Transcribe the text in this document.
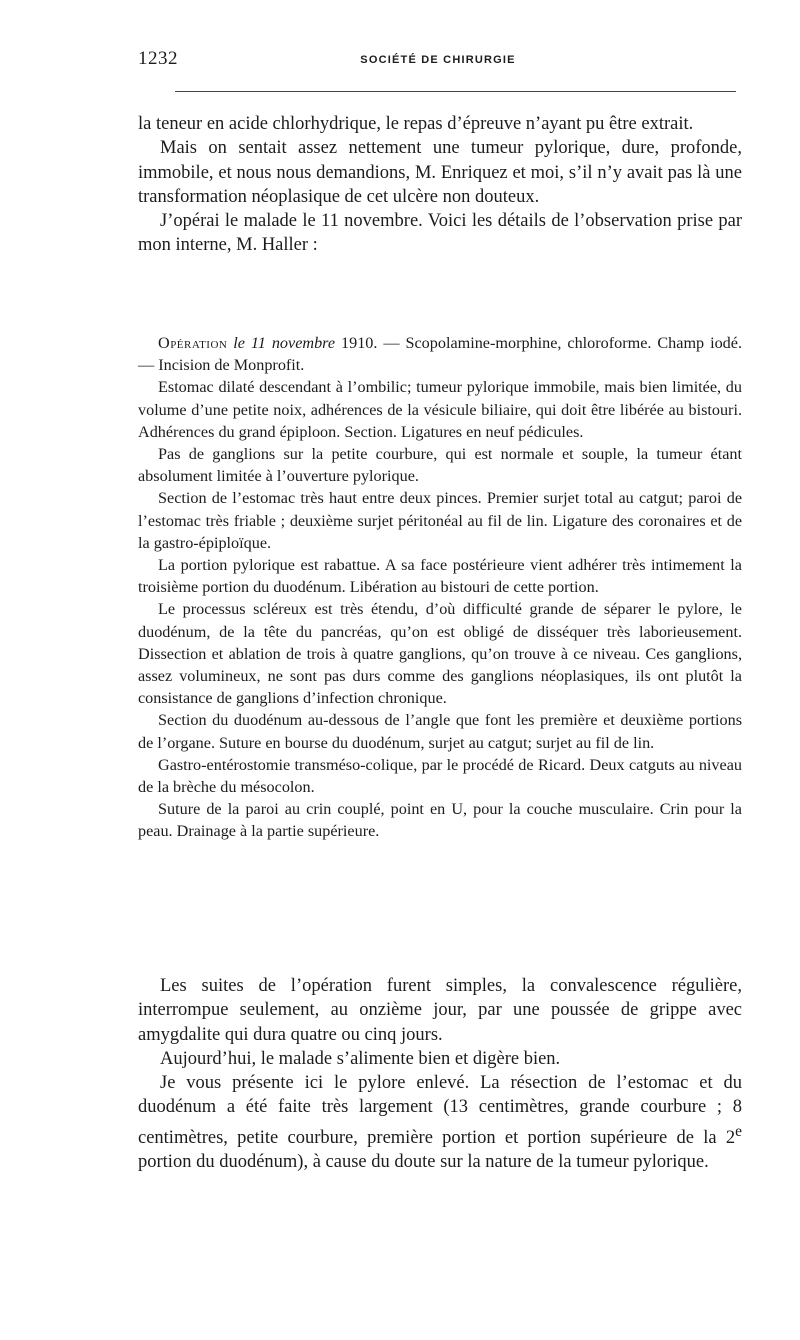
1232	SOCIÉTÉ DE CHIRURGIE

la teneur en acide chlorhydrique, le repas d’épreuve n’ayant pu être extrait.

Mais on sentait assez nettement une tumeur pylorique, dure, profonde, immobile, et nous nous demandions, M. Enriquez et moi, s’il n’y avait pas là une transformation néoplasique de cet ulcère non douteux.

J’opérai le malade le 11 novembre. Voici les détails de l’observation prise par mon interne, M. Haller :

Opération le 11 novembre 1910. — Scopolamine-morphine, chloroforme. Champ iodé. — Incision de Monprofit.

Estomac dilaté descendant à l’ombilic; tumeur pylorique immobile, mais bien limitée, du volume d’une petite noix, adhérences de la vésicule biliaire, qui doit être libérée au bistouri. Adhérences du grand épiploon. Section. Ligatures en neuf pédicules.

Pas de ganglions sur la petite courbure, qui est normale et souple, la tumeur étant absolument limitée à l’ouverture pylorique.

Section de l’estomac très haut entre deux pinces. Premier surjet total au catgut; paroi de l’estomac très friable ; deuxième surjet péritonéal au fil de lin. Ligature des coronaires et de la gastro-épiploïque.

La portion pylorique est rabattue. A sa face postérieure vient adhérer très intimement la troisième portion du duodénum. Libération au bistouri de cette portion.

Le processus scléreux est très étendu, d’où difficulté grande de séparer le pylore, le duodénum, de la tête du pancréas, qu’on est obligé de disséquer très laborieusement. Dissection et ablation de trois à quatre ganglions, qu’on trouve à ce niveau. Ces ganglions, assez volumineux, ne sont pas durs comme des ganglions néoplasiques, ils ont plutôt la consistance de ganglions d’infection chronique.

Section du duodénum au-dessous de l’angle que font les première et deuxième portions de l’organe. Suture en bourse du duodénum, surjet au catgut; surjet au fil de lin.

Gastro-entérostomie transméso-colique, par le procédé de Ricard. Deux catguts au niveau de la brèche du mésocolon.

Suture de la paroi au crin couplé, point en U, pour la couche musculaire. Crin pour la peau. Drainage à la partie supérieure.

Les suites de l’opération furent simples, la convalescence régulière, interrompue seulement, au onzième jour, par une poussée de grippe avec amygdalite qui dura quatre ou cinq jours.

Aujourd’hui, le malade s’alimente bien et digère bien.

Je vous présente ici le pylore enlevé. La résection de l’estomac et du duodénum a été faite très largement (13 centimètres, grande courbure ; 8 centimètres, petite courbure, première portion et portion supérieure de la 2e portion du duodénum), à cause du doute sur la nature de la tumeur pylorique.
